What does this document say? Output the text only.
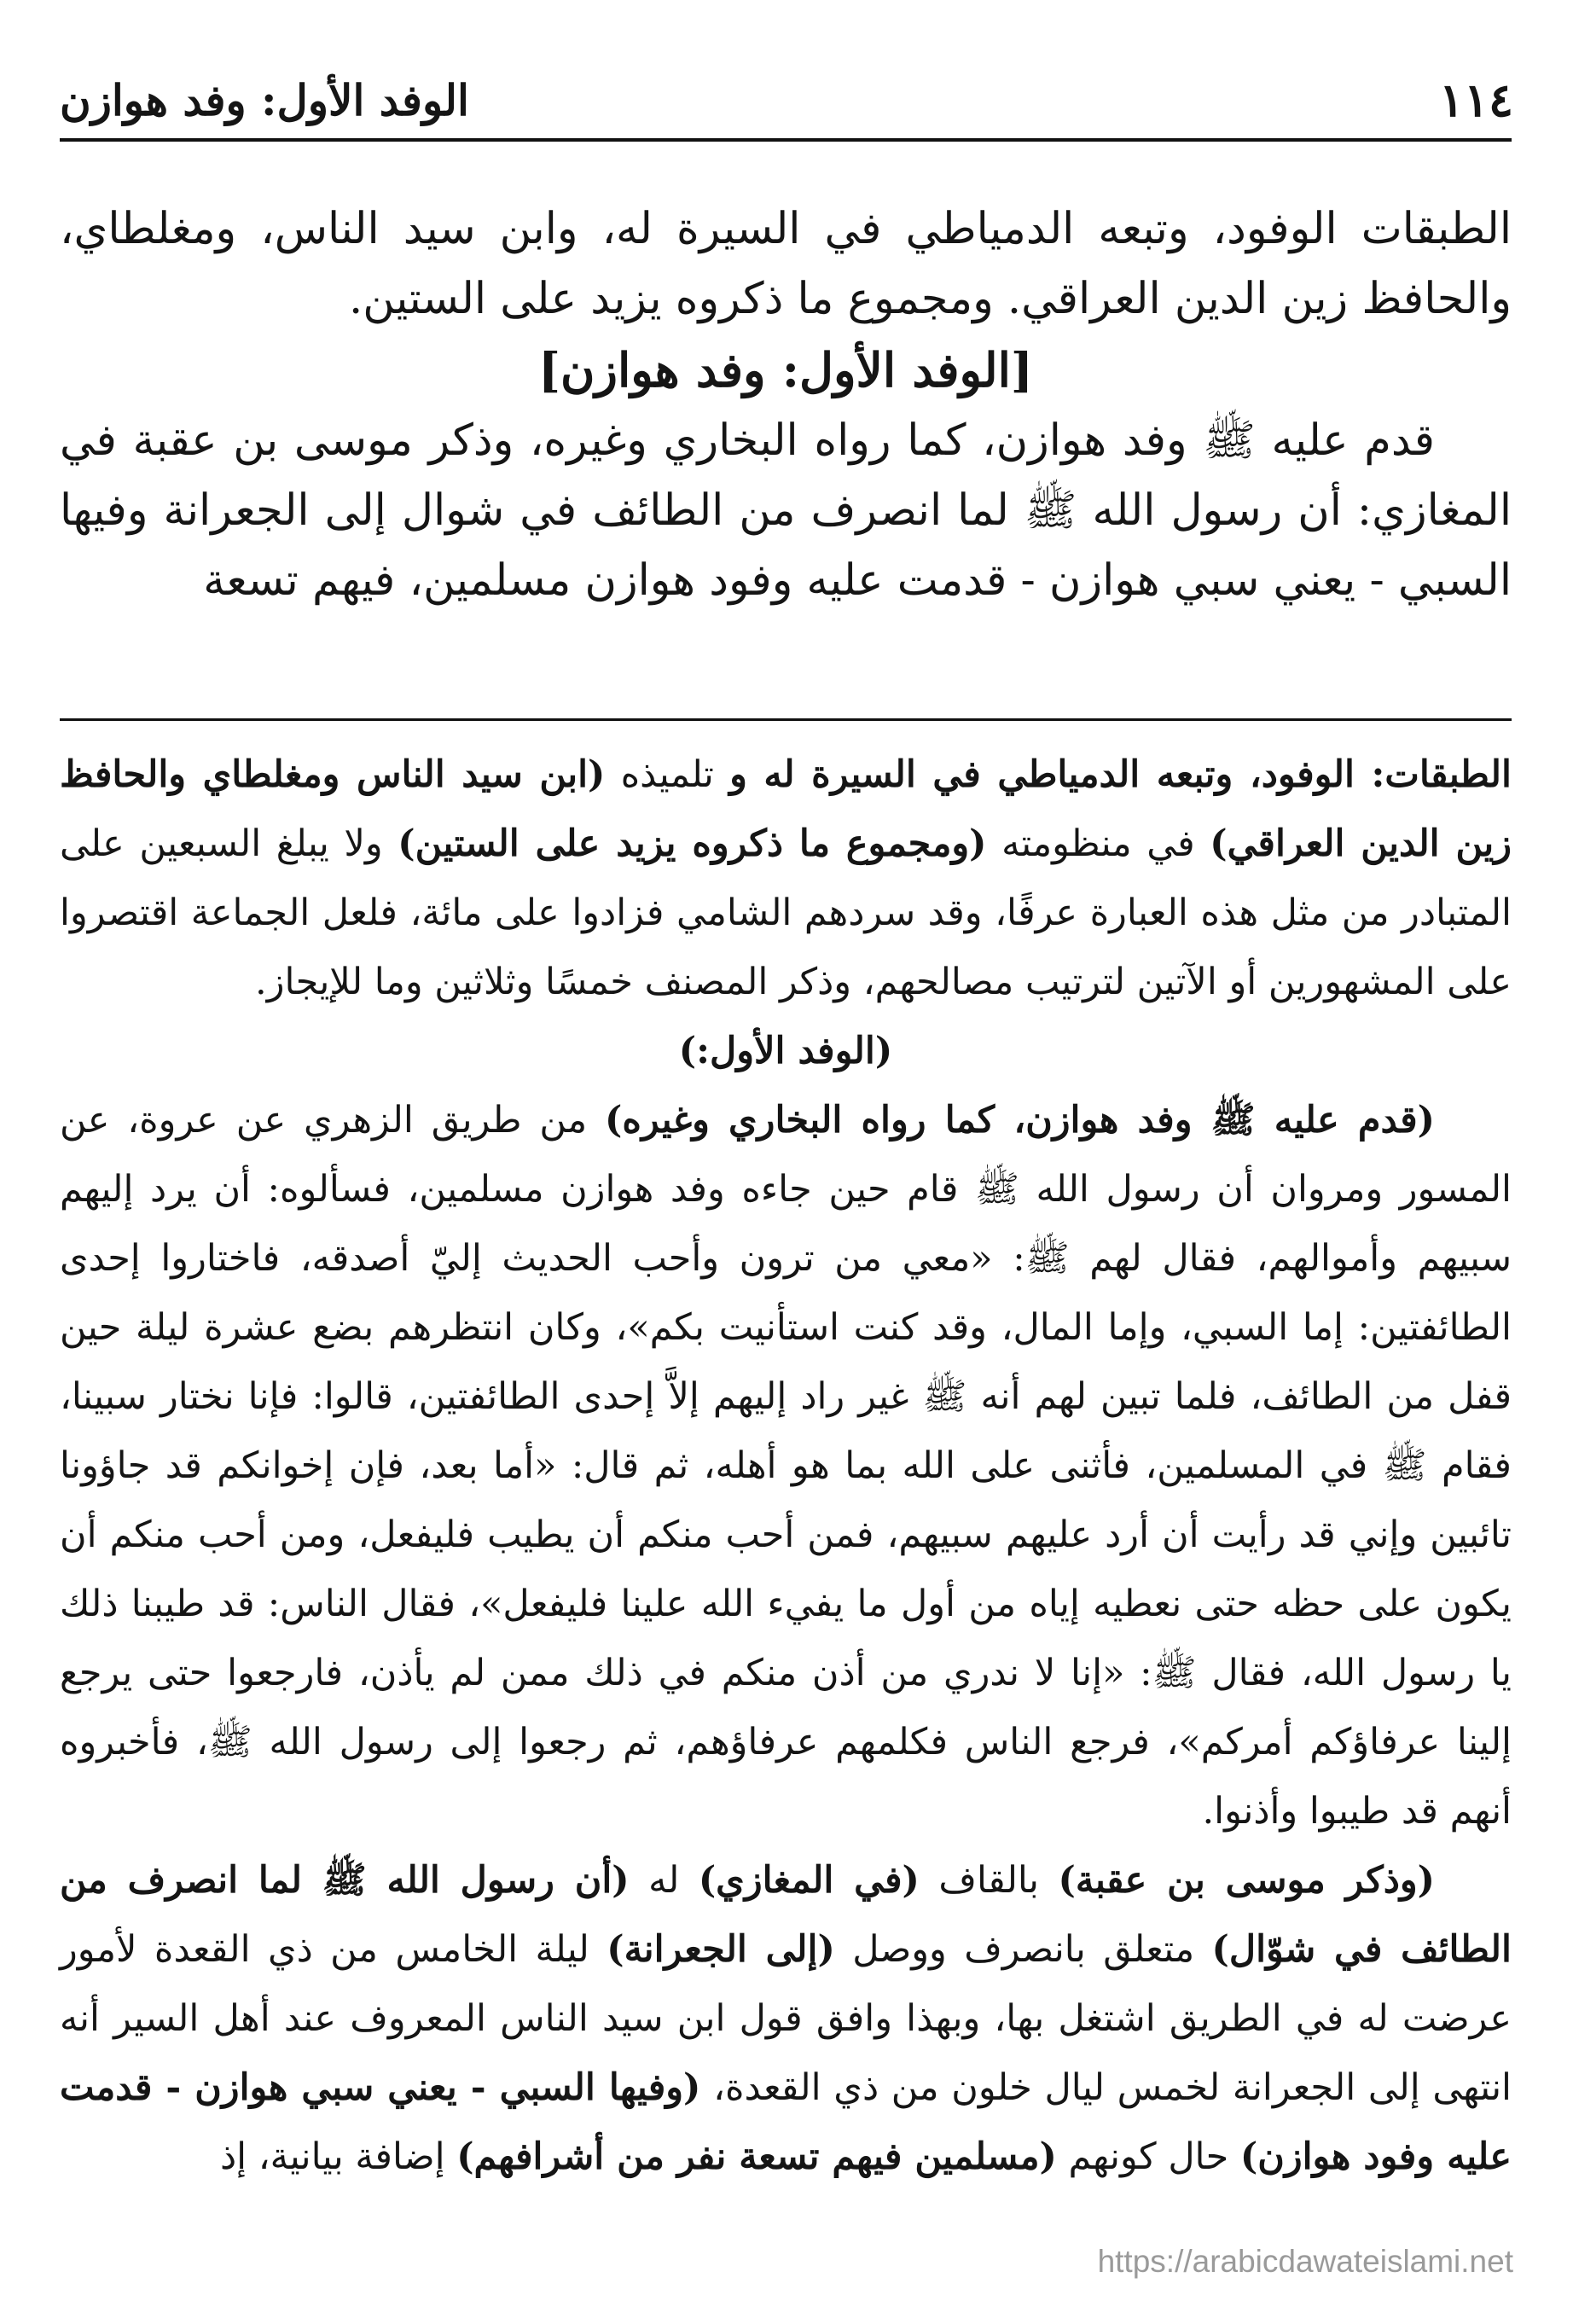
١١٤
الوفد الأول: وفد هوازن

الطبقات الوفود، وتبعه الدمياطي في السيرة له، وابن سيد الناس، ومغلطاي، والحافظ زين الدين العراقي. ومجموع ما ذكروه يزيد على الستين.

[الوفد الأول: وفد هوازن]

قدم عليه ﷺ وفد هوازن، كما رواه البخاري وغيره، وذكر موسى بن عقبة في المغازي: أن رسول الله ﷺ لما انصرف من الطائف في شوال إلى الجعرانة وفيها السبي - يعني سبي هوازن - قدمت عليه وفود هوازن مسلمين، فيهم تسعة

الطبقات: الوفود، وتبعه الدمياطي في السيرة له و تلميذه (ابن سيد الناس ومغلطاي والحافظ زين الدين العراقي) في منظومته (ومجموع ما ذكروه يزيد على الستين) ولا يبلغ السبعين على المتبادر من مثل هذه العبارة عرفًا، وقد سردهم الشامي فزادوا على مائة، فلعل الجماعة اقتصروا على المشهورين أو الآتين لترتيب مصالحهم، وذكر المصنف خمسًا وثلاثين وما للإيجاز.

(الوفد الأول:)

(قدم عليه ﷺ وفد هوازن، كما رواه البخاري وغيره) من طريق الزهري عن عروة، عن المسور ومروان أن رسول الله ﷺ قام حين جاءه وفد هوازن مسلمين، فسألوه: أن يرد إليهم سبيهم وأموالهم، فقال لهم ﷺ: «معي من ترون وأحب الحديث إليّ أصدقه، فاختاروا إحدى الطائفتين: إما السبي، وإما المال، وقد كنت استأنيت بكم»، وكان انتظرهم بضع عشرة ليلة حين قفل من الطائف، فلما تبين لهم أنه ﷺ غير راد إليهم إلاَّ إحدى الطائفتين، قالوا: فإنا نختار سبينا، فقام ﷺ في المسلمين، فأثنى على الله بما هو أهله، ثم قال: «أما بعد، فإن إخوانكم قد جاؤونا تائبين وإني قد رأيت أن أرد عليهم سبيهم، فمن أحب منكم أن يطيب فليفعل، ومن أحب منكم أن يكون على حظه حتى نعطيه إياه من أول ما يفيء الله علينا فليفعل»، فقال الناس: قد طيبنا ذلك يا رسول الله، فقال ﷺ: «إنا لا ندري من أذن منكم في ذلك ممن لم يأذن، فارجعوا حتى يرجع إلينا عرفاؤكم أمركم»، فرجع الناس فكلمهم عرفاؤهم، ثم رجعوا إلى رسول الله ﷺ، فأخبروه أنهم قد طيبوا وأذنوا.

(وذكر موسى بن عقبة) بالقاف (في المغازي) له (أن رسول الله ﷺ لما انصرف من الطائف في شوّال) متعلق بانصرف ووصل (إلى الجعرانة) ليلة الخامس من ذي القعدة لأمور عرضت له في الطريق اشتغل بها، وبهذا وافق قول ابن سيد الناس المعروف عند أهل السير أنه انتهى إلى الجعرانة لخمس ليال خلون من ذي القعدة، (وفيها السبي - يعني سبي هوازن - قدمت عليه وفود هوازن) حال كونهم (مسلمين فيهم تسعة نفر من أشرافهم) إضافة بيانية، إذ

https://arabicdawateislami.net
